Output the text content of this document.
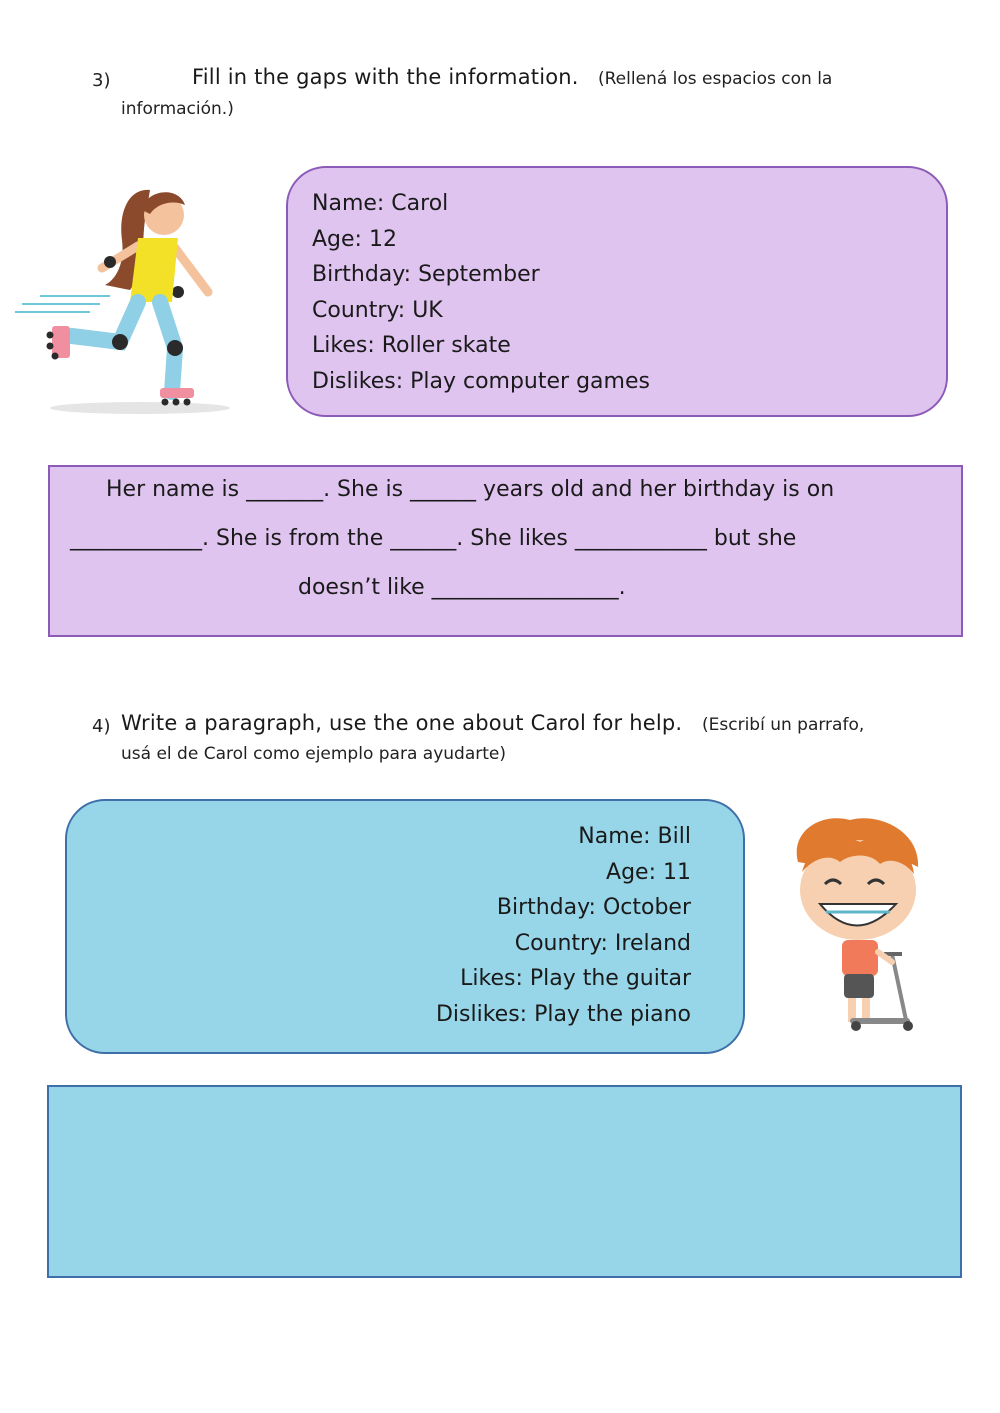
3)	Fill in the gaps with the information. (Rellená los espacios con la
información.)
Name: Carol
Age: 12
Birthday: September
Country: UK
Likes: Roller skate
Dislikes: Play computer games
Her name is _______. She is ______ years old and her birthday is on
____________. She is from the ______. She likes ____________ but she
doesn’t like _________________.
4) Write a paragraph, use the one about Carol for help. (Escribí un parrafo,
usá el de Carol como ejemplo para ayudarte)
Name: Bill
Age: 11
Birthday: October
Country: Ireland
Likes: Play the guitar
Dislikes: Play the piano
